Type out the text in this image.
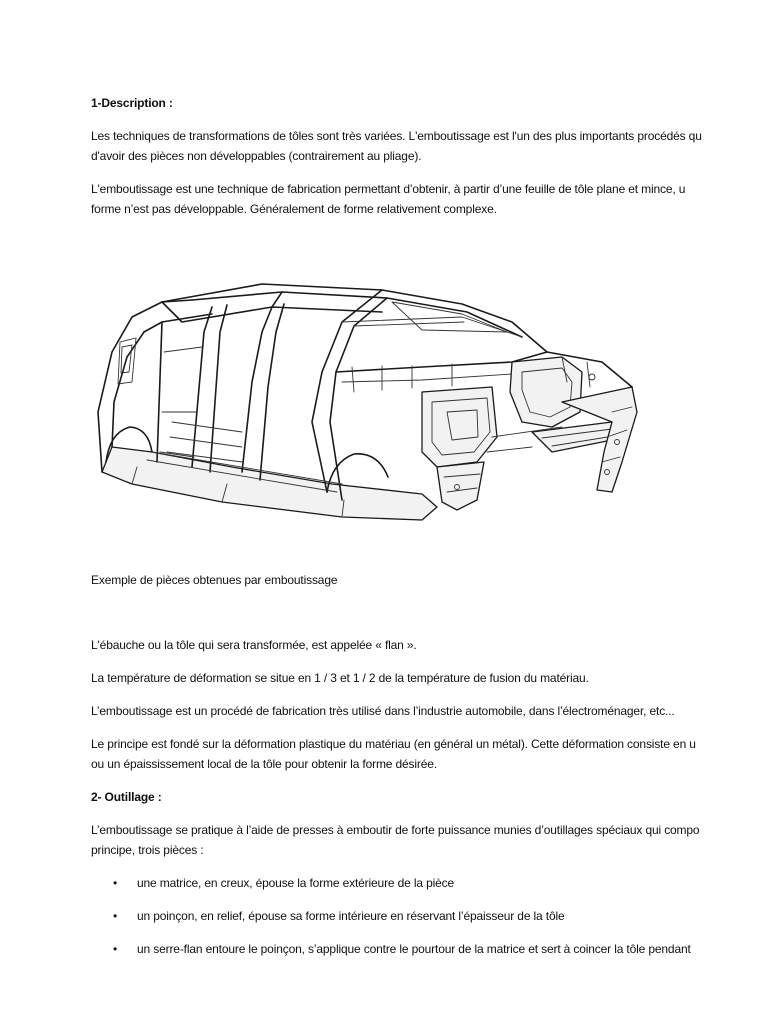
1-Description :
Les techniques de transformations de tôles sont très variées. L'emboutissage est l'un des plus importants procédés qu
d'avoir des pièces non développables (contrairement au pliage).
L'emboutissage est une technique de fabrication permettant d’obtenir, à partir d’une feuille de tôle plane et mince, u
forme n’est pas développable. Généralement de forme relativement complexe.
Exemple de pièces obtenues par emboutissage
L'ébauche ou la tôle qui sera transformée, est appelée « flan ».
La température de déformation se situe en 1 / 3 et 1 / 2 de la température de fusion du matériau.
L’emboutissage est un procédé de fabrication très utilisé dans l’industrie automobile, dans l’électroménager, etc...
Le principe est fondé sur la déformation plastique du matériau (en général un métal). Cette déformation consiste en u
ou un épaississement local de la tôle pour obtenir la forme désirée.
2- Outillage :
L’emboutissage se pratique à l’aide de presses à emboutir de forte puissance munies d’outillages spéciaux qui compo
principe, trois pièces :
• une matrice, en creux, épouse la forme extérieure de la pièce
• un poinçon, en relief, épouse sa forme intérieure en réservant l’épaisseur de la tôle
• un serre-flan entoure le poinçon, s’applique contre le pourtour de la matrice et sert à coincer la tôle pendant
